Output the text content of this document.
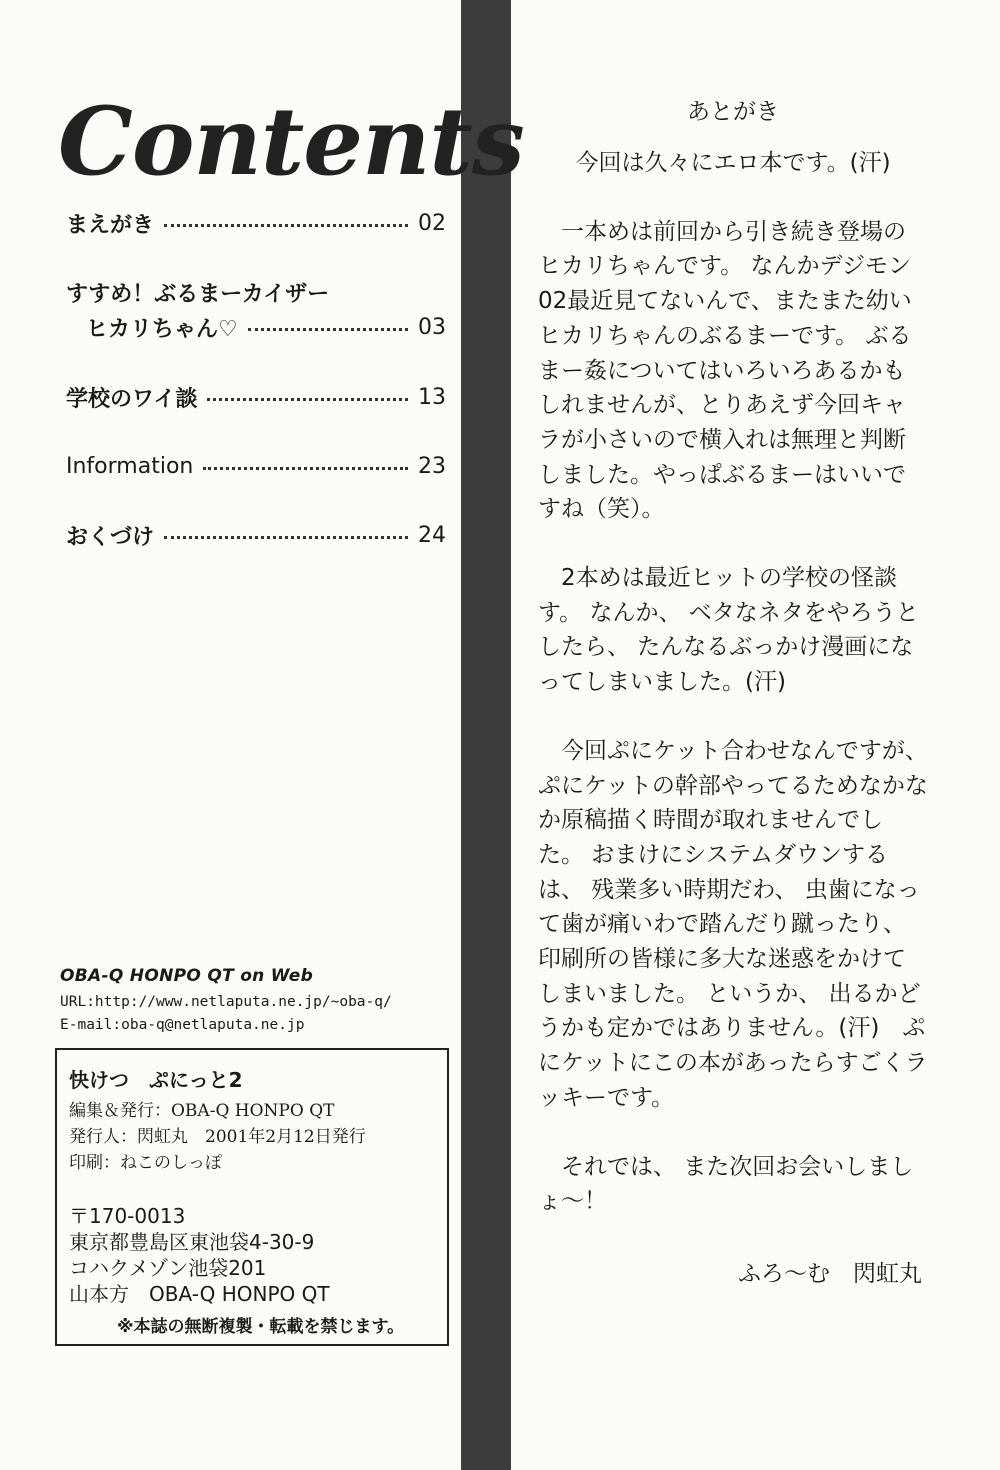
Contents
まえがき	02
すすめ！ぶるまーカイザー
ヒカリちゃん♡	03
学校のワイ談	13
Information	23
おくづけ	24
OBA-Q HONPO QT on Web
URL:http://www.netlaputa.ne.jp/~oba-q/
E-mail:oba-q@netlaputa.ne.jp
快けつ　ぷにっと2
編集＆発行：OBA-Q HONPO QT
発行人：閃虹丸　2001年2月12日発行
印刷：ねこのしっぽ
〒170-0013
東京都豊島区東池袋4-30-9
コハクメゾン池袋201
山本方　OBA-Q HONPO QT
※本誌の無断複製・転載を禁じます。
あとがき

今回は久々にエロ本です。(汗)

一本めは前回から引き続き登場のヒカリちゃんです。 なんかデジモン02最近見てないんで、またまた幼いヒカリちゃんのぶるまーです。 ぶるまー姦についてはいろいろあるかもしれませんが、とりあえず今回キャラが小さいので横入れは無理と判断しました。やっぱぶるまーはいいですね（笑）。

2本めは最近ヒットの学校の怪談す。 なんか、 ベタなネタをやろうとしたら、 たんなるぶっかけ漫画になってしまいました。(汗)

今回ぷにケット合わせなんですが、 ぷにケットの幹部やってるためなかなか原稿描く時間が取れませんでした。 おまけにシステムダウンするは、 残業多い時期だわ、 虫歯になって歯が痛いわで踏んだり蹴ったり、 印刷所の皆様に多大な迷惑をかけてしまいました。 というか、 出るかどうかも定かではありません。(汗)　ぷにケットにこの本があったらすごくラッキーです。

それでは、 また次回お会いしましょ～！

ふろ～む　閃虹丸
